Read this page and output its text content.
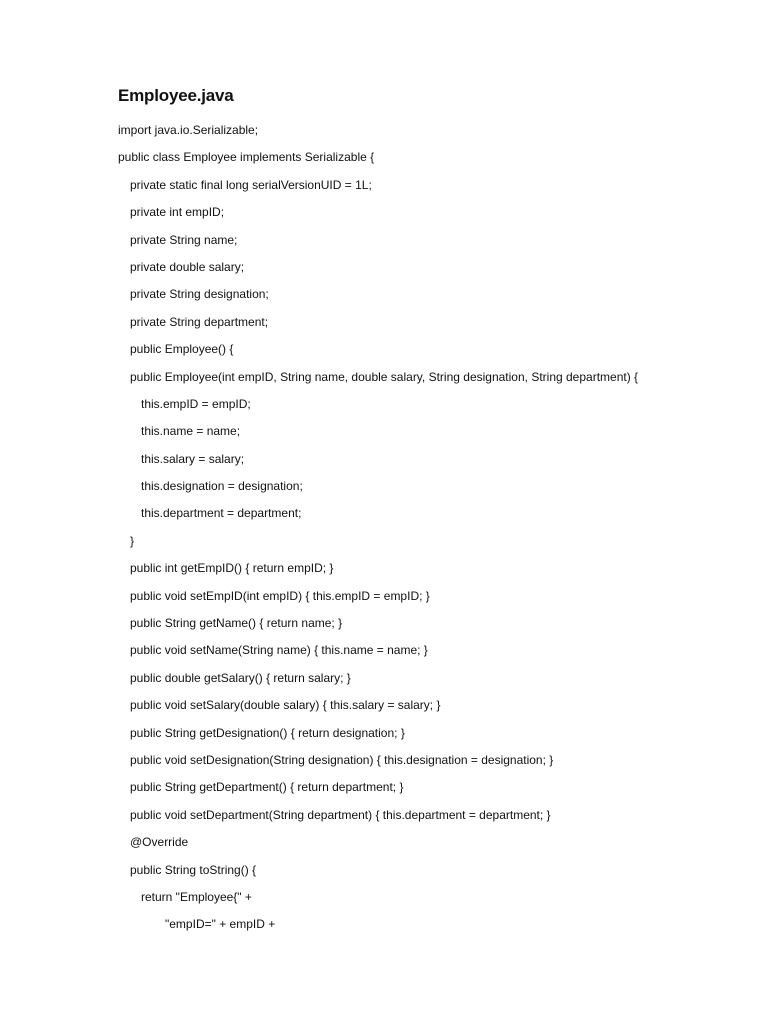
Employee.java
import java.io.Serializable;
public class Employee implements Serializable {
private static final long serialVersionUID = 1L;
private int empID;
private String name;
private double salary;
private String designation;
private String department;
public Employee() {
public Employee(int empID, String name, double salary, String designation, String department) {
this.empID = empID;
this.name = name;
this.salary = salary;
this.designation = designation;
this.department = department;
}
public int getEmpID() { return empID; }
public void setEmpID(int empID) { this.empID = empID; }
public String getName() { return name; }
public void setName(String name) { this.name = name; }
public double getSalary() { return salary; }
public void setSalary(double salary) { this.salary = salary; }
public String getDesignation() { return designation; }
public void setDesignation(String designation) { this.designation = designation; }
public String getDepartment() { return department; }
public void setDepartment(String department) { this.department = department; }
@Override
public String toString() {
return "Employee{" +
"empID=" + empID +
